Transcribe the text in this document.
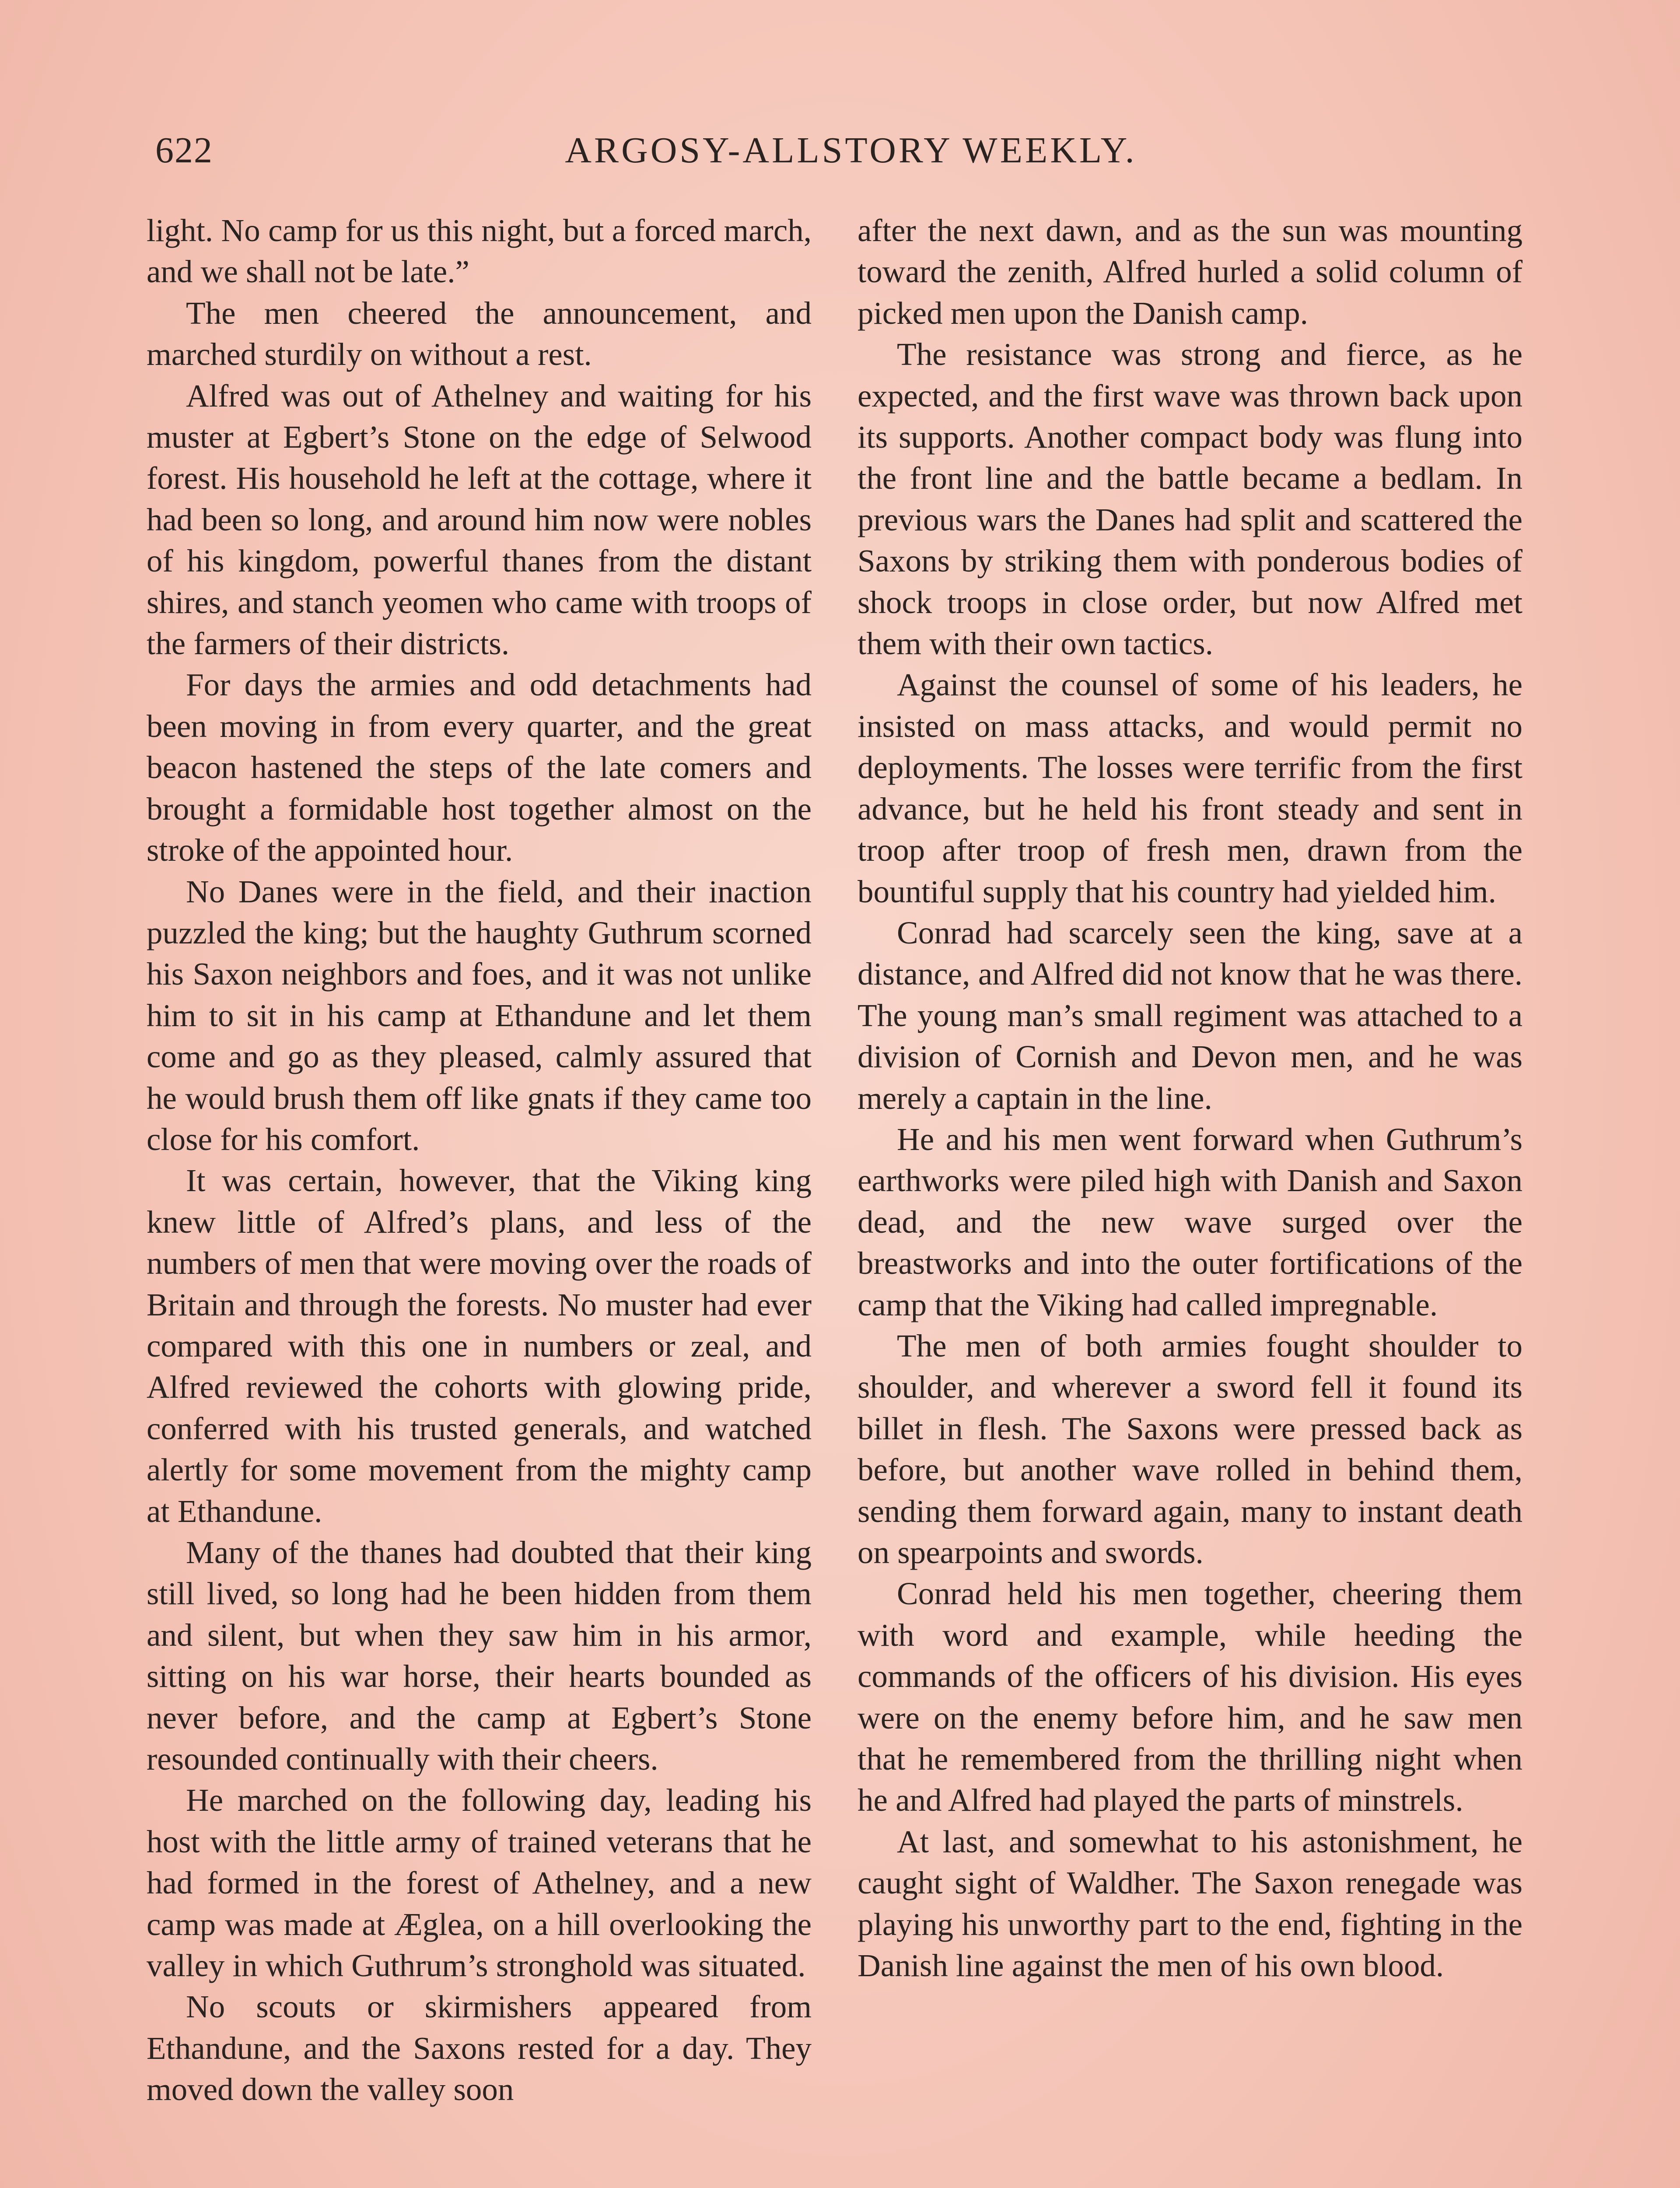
622	ARGOSY-ALLSTORY WEEKLY.

light. No camp for us this night, but a forced march, and we shall not be late.”

The men cheered the announcement, and marched sturdily on without a rest.

Alfred was out of Athelney and waiting for his muster at Egbert’s Stone on the edge of Selwood forest. His household he left at the cottage, where it had been so long, and around him now were nobles of his kingdom, powerful thanes from the distant shires, and stanch yeomen who came with troops of the farmers of their districts.

For days the armies and odd detachments had been moving in from every quarter, and the great beacon hastened the steps of the late comers and brought a formidable host together almost on the stroke of the appointed hour.

No Danes were in the field, and their inaction puzzled the king; but the haughty Guthrum scorned his Saxon neighbors and foes, and it was not unlike him to sit in his camp at Ethandune and let them come and go as they pleased, calmly assured that he would brush them off like gnats if they came too close for his comfort.

It was certain, however, that the Viking king knew little of Alfred’s plans, and less of the numbers of men that were moving over the roads of Britain and through the forests. No muster had ever compared with this one in numbers or zeal, and Alfred reviewed the cohorts with glowing pride, conferred with his trusted generals, and watched alertly for some movement from the mighty camp at Ethandune.

Many of the thanes had doubted that their king still lived, so long had he been hidden from them and silent, but when they saw him in his armor, sitting on his war horse, their hearts bounded as never before, and the camp at Egbert’s Stone resounded continually with their cheers.

He marched on the following day, leading his host with the little army of trained veterans that he had formed in the forest of Athelney, and a new camp was made at Æglea, on a hill overlooking the valley in which Guthrum’s stronghold was situated.

No scouts or skirmishers appeared from Ethandune, and the Saxons rested for a day. They moved down the valley soon

after the next dawn, and as the sun was mounting toward the zenith, Alfred hurled a solid column of picked men upon the Danish camp.

The resistance was strong and fierce, as he expected, and the first wave was thrown back upon its supports. Another compact body was flung into the front line and the battle became a bedlam. In previous wars the Danes had split and scattered the Saxons by striking them with ponderous bodies of shock troops in close order, but now Alfred met them with their own tactics.

Against the counsel of some of his leaders, he insisted on mass attacks, and would permit no deployments. The losses were terrific from the first advance, but he held his front steady and sent in troop after troop of fresh men, drawn from the bountiful supply that his country had yielded him.

Conrad had scarcely seen the king, save at a distance, and Alfred did not know that he was there. The young man’s small regiment was attached to a division of Cornish and Devon men, and he was merely a captain in the line.

He and his men went forward when Guthrum’s earthworks were piled high with Danish and Saxon dead, and the new wave surged over the breastworks and into the outer fortifications of the camp that the Viking had called impregnable.

The men of both armies fought shoulder to shoulder, and wherever a sword fell it found its billet in flesh. The Saxons were pressed back as before, but another wave rolled in behind them, sending them forward again, many to instant death on spearpoints and swords.

Conrad held his men together, cheering them with word and example, while heeding the commands of the officers of his division. His eyes were on the enemy before him, and he saw men that he remembered from the thrilling night when he and Alfred had played the parts of minstrels.

At last, and somewhat to his astonishment, he caught sight of Waldher. The Saxon renegade was playing his unworthy part to the end, fighting in the Danish line against the men of his own blood.
